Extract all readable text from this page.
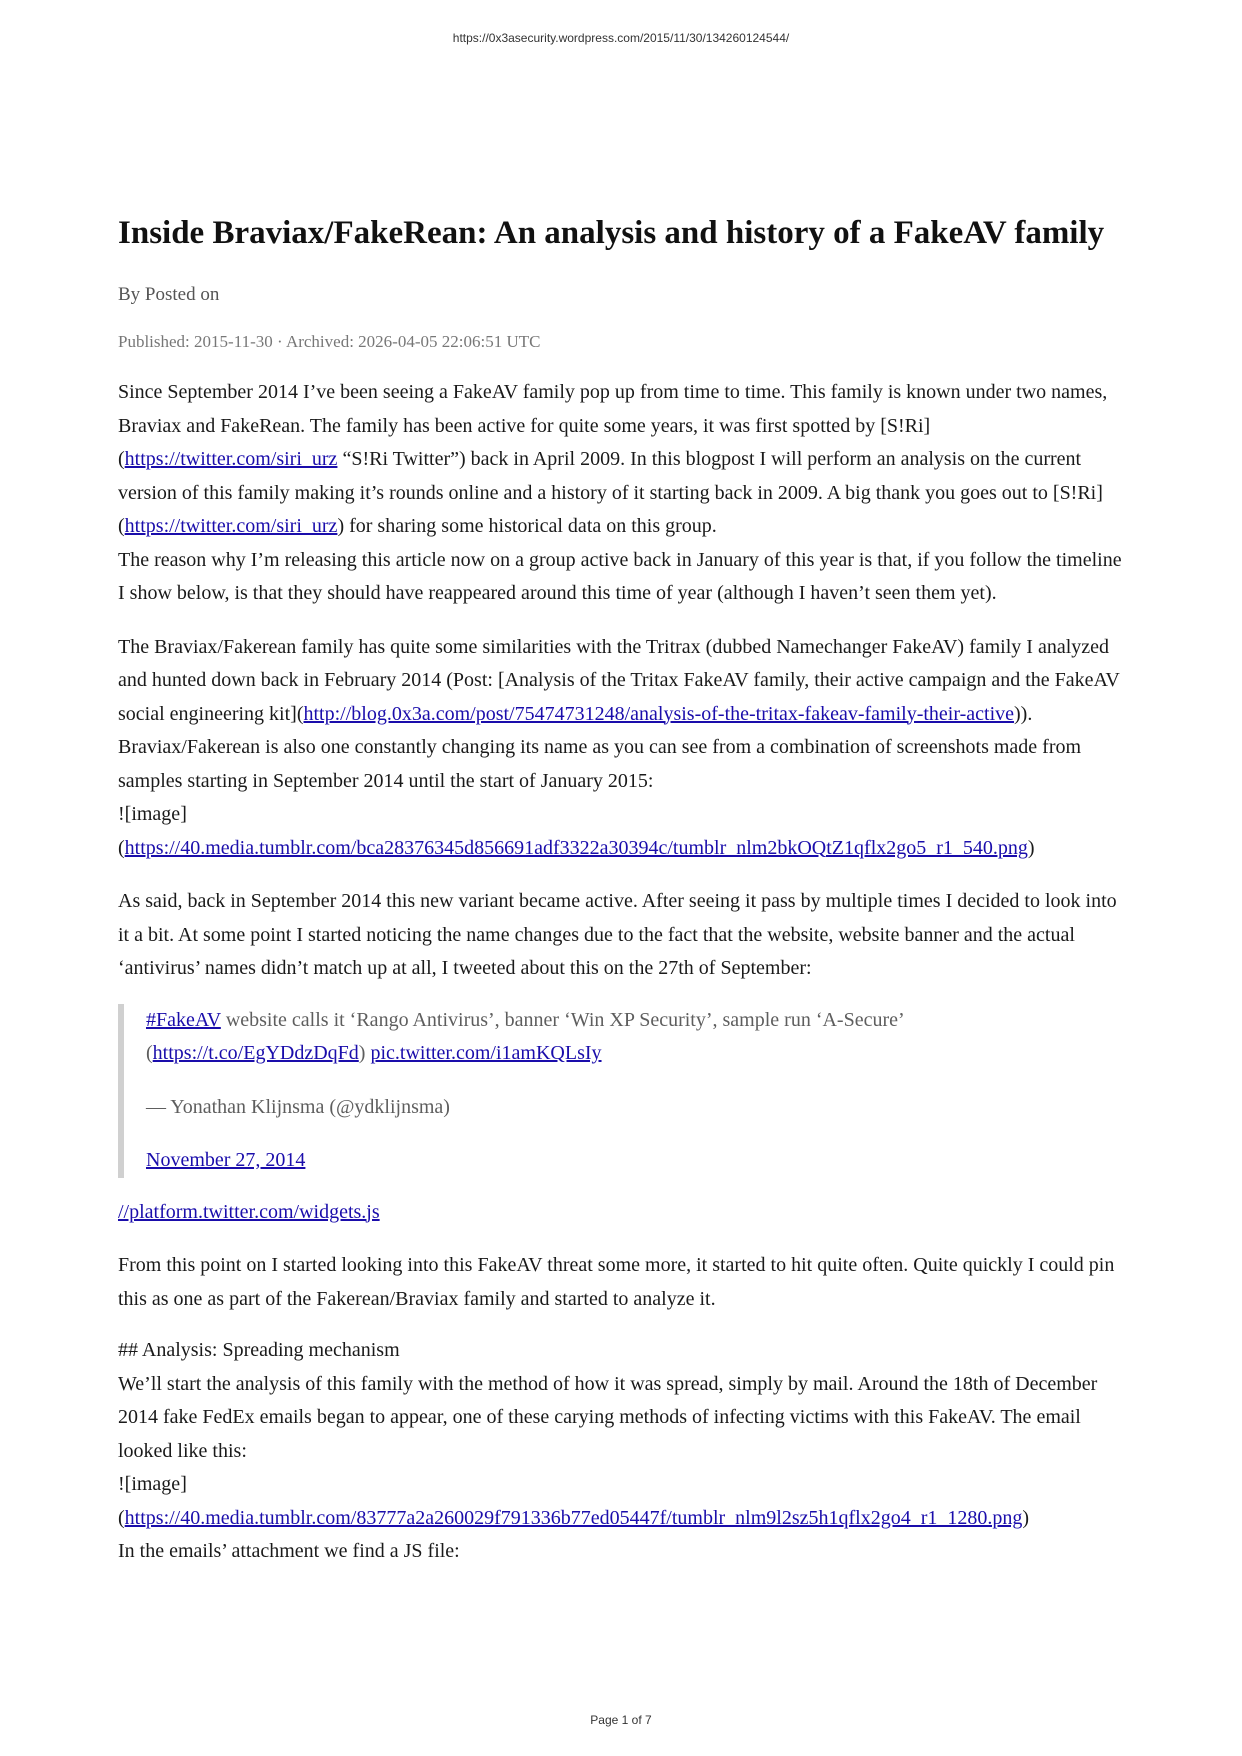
https://0x3asecurity.wordpress.com/2015/11/30/134260124544/
Inside Braviax/FakeRean: An analysis and history of a FakeAV family
By Posted on
Published: 2015-11-30 · Archived: 2026-04-05 22:06:51 UTC

Since September 2014 I’ve been seeing a FakeAV family pop up from time to time. This family is known under two names, Braviax and FakeRean. The family has been active for quite some years, it was first spotted by [S!Ri] (https://twitter.com/siri_urz “S!Ri Twitter”) back in April 2009. In this blogpost I will perform an analysis on the current version of this family making it’s rounds online and a history of it starting back in 2009. A big thank you goes out to [S!Ri](https://twitter.com/siri_urz) for sharing some historical data on this group.

The reason why I’m releasing this article now on a group active back in January of this year is that, if you follow the timeline I show below, is that they should have reappeared around this time of year (although I haven’t seen them yet).

The Braviax/Fakerean family has quite some similarities with the Tritrax (dubbed Namechanger FakeAV) family I analyzed and hunted down back in February 2014 (Post: [Analysis of the Tritax FakeAV family, their active campaign and the FakeAV social engineering kit](http://blog.0x3a.com/post/75474731248/analysis-of-the-tritax-fakeav-family-their-active)).

Braviax/Fakerean is also one constantly changing its name as you can see from a combination of screenshots made from samples starting in September 2014 until the start of January 2015:

![image]

(https://40.media.tumblr.com/bca28376345d856691adf3322a30394c/tumblr_nlm2bkOQtZ1qflx2go5_r1_540.png)

As said, back in September 2014 this new variant became active. After seeing it pass by multiple times I decided to look into it a bit. At some point I started noticing the name changes due to the fact that the website, website banner and the actual ‘antivirus’ names didn’t match up at all, I tweeted about this on the 27th of September:

#FakeAV website calls it ‘Rango Antivirus’, banner ‘Win XP Security’, sample run ‘A-Secure’
(https://t.co/EgYDdzDqFd) pic.twitter.com/i1amKQLsIy

— Yonathan Klijnsma (@ydklijnsma)

November 27, 2014

//platform.twitter.com/widgets.js

From this point on I started looking into this FakeAV threat some more, it started to hit quite often. Quite quickly I could pin this as one as part of the Fakerean/Braviax family and started to analyze it.

## Analysis: Spreading mechanism

We’ll start the analysis of this family with the method of how it was spread, simply by mail. Around the 18th of December 2014 fake FedEx emails began to appear, one of these carying methods of infecting victims with this FakeAV. The email looked like this:

![image]

(https://40.media.tumblr.com/83777a2a260029f791336b77ed05447f/tumblr_nlm9l2sz5h1qflx2go4_r1_1280.png)

In the emails’ attachment we find a JS file:

Page 1 of 7
